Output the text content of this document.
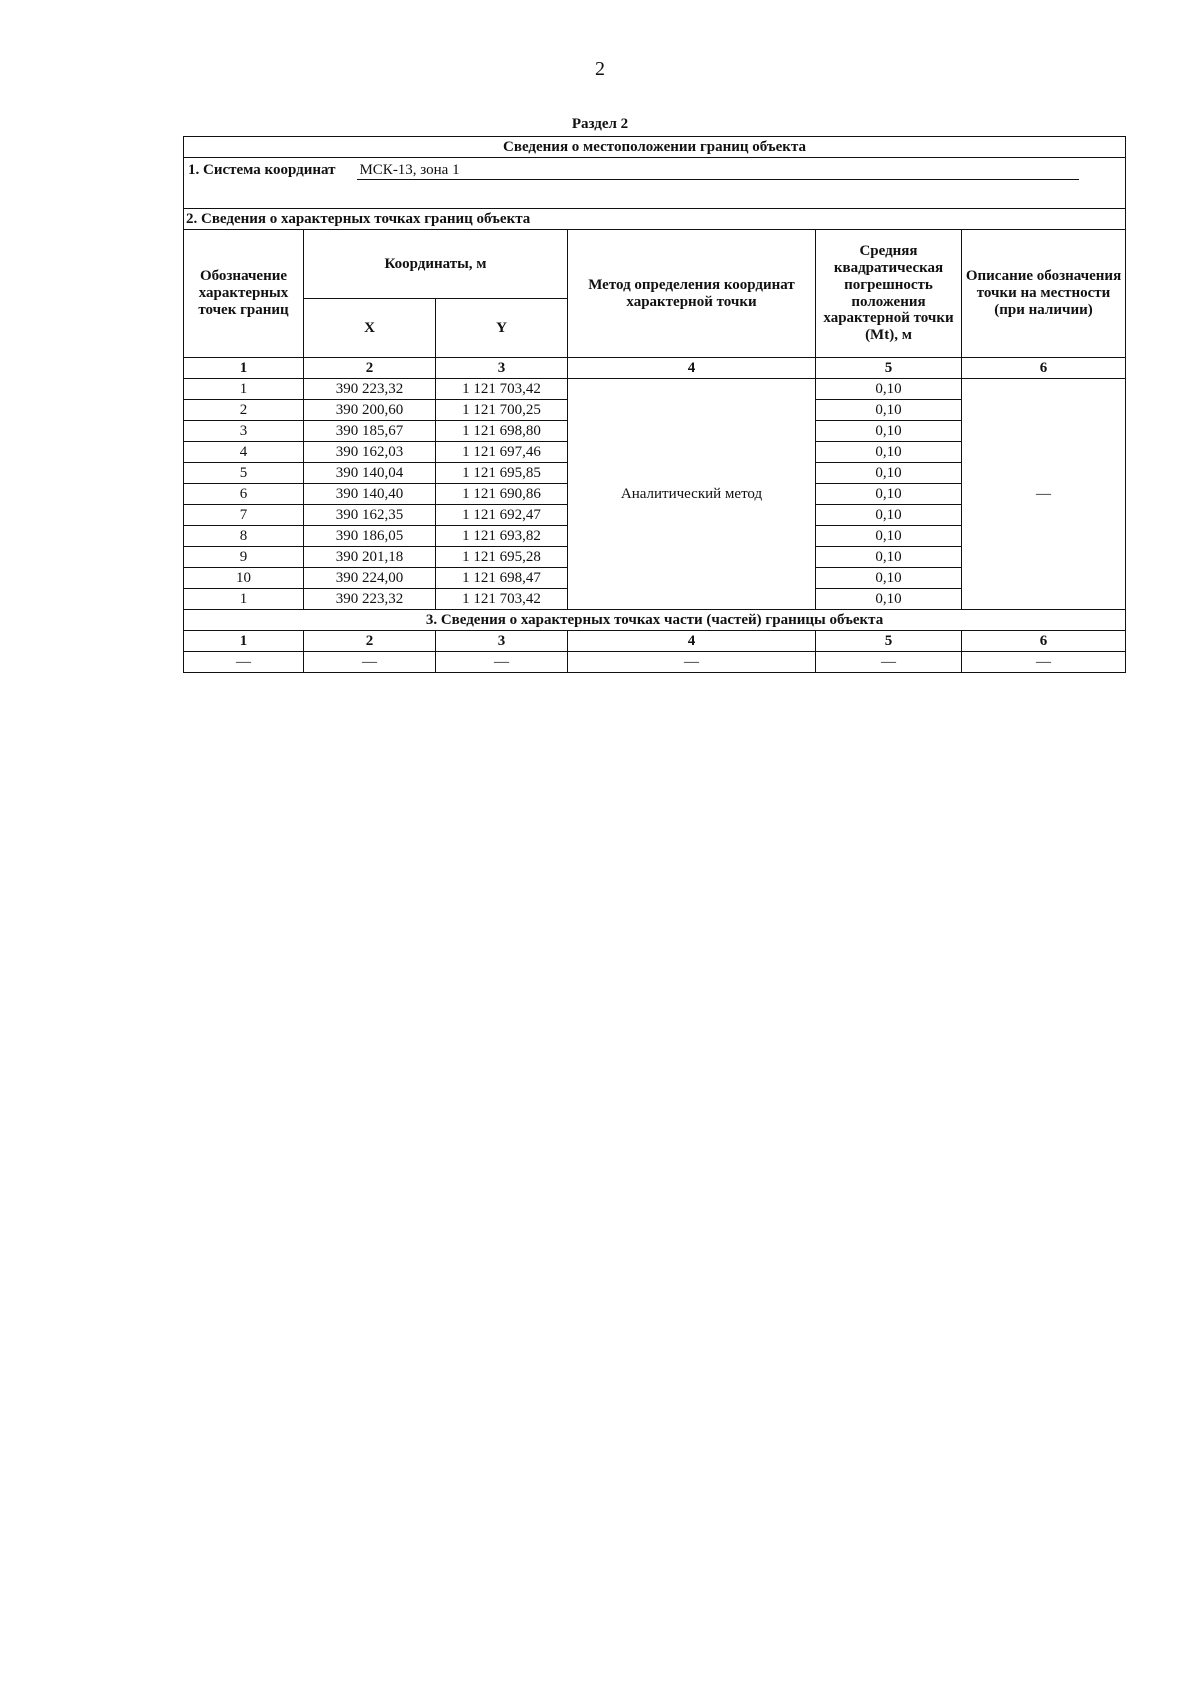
2
Раздел 2
Сведения о местоположении границ объекта					
1. Система координат МСК-13, зона 1					
2. Сведения о характерных точках границ объекта					
Обозначение характерных точек границ	Координаты, м		Метод определения координат характерной точки	Средняя квадратическая погрешность положения характерной точки (Mt), м	Описание обозначения точки на местности (при наличии)
	X	Y			
1	2	3	4	5	6
1	390 223,32	1 121 703,42	Аналитический метод	0,10	—
2	390 200,60	1 121 700,25		0,10	
3	390 185,67	1 121 698,80		0,10	
4	390 162,03	1 121 697,46		0,10	
5	390 140,04	1 121 695,85		0,10	
6	390 140,40	1 121 690,86		0,10	
7	390 162,35	1 121 692,47		0,10	
8	390 186,05	1 121 693,82		0,10	
9	390 201,18	1 121 695,28		0,10	
10	390 224,00	1 121 698,47		0,10	
1	390 223,32	1 121 703,42		0,10	
3. Сведения о характерных точках части (частей) границы объекта					
1	2	3	4	5	6
—	—	—	—	—	—
